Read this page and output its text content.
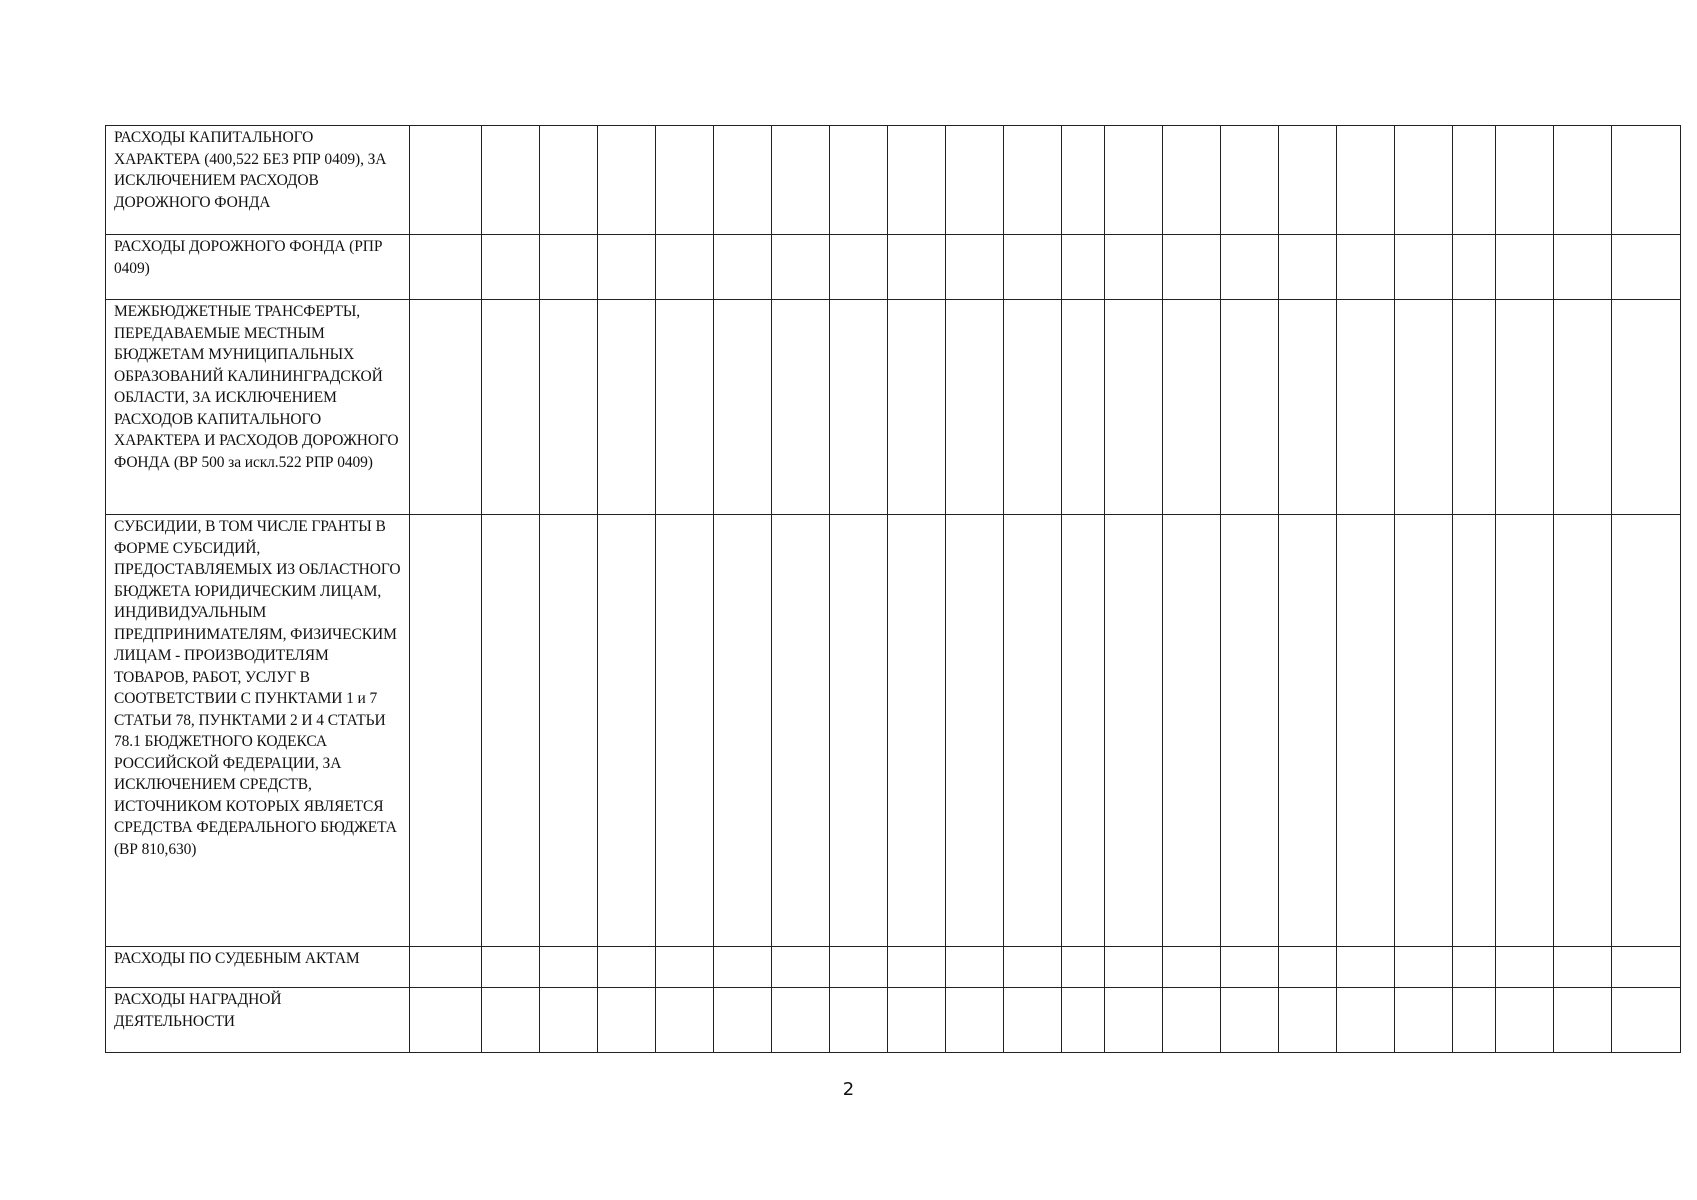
РАСХОДЫ КАПИТАЛЬНОГО ХАРАКТЕРА (400,522 БЕЗ РПР 0409), ЗА ИСКЛЮЧЕНИЕМ РАСХОДОВ ДОРОЖНОГО ФОНДА																						
РАСХОДЫ ДОРОЖНОГО ФОНДА (РПР 0409)																						
МЕЖБЮДЖЕТНЫЕ ТРАНСФЕРТЫ, ПЕРЕДАВАЕМЫЕ МЕСТНЫМ БЮДЖЕТАМ МУНИЦИПАЛЬНЫХ ОБРАЗОВАНИЙ КАЛИНИНГРАДСКОЙ ОБЛАСТИ, ЗА ИСКЛЮЧЕНИЕМ РАСХОДОВ КАПИТАЛЬНОГО ХАРАКТЕРА И РАСХОДОВ ДОРОЖНОГО ФОНДА (ВР 500 за искл.522 РПР 0409)																						
СУБСИДИИ, В ТОМ ЧИСЛЕ ГРАНТЫ В ФОРМЕ СУБСИДИЙ, ПРЕДОСТАВЛЯЕМЫХ ИЗ ОБЛАСТНОГО БЮДЖЕТА ЮРИДИЧЕСКИМ ЛИЦАМ, ИНДИВИДУАЛЬНЫМ ПРЕДПРИНИМАТЕЛЯМ, ФИЗИЧЕСКИМ ЛИЦАМ - ПРОИЗВОДИТЕЛЯМ ТОВАРОВ, РАБОТ, УСЛУГ В СООТВЕТСТВИИ С ПУНКТАМИ 1 и 7 СТАТЬИ 78, ПУНКТАМИ 2 И 4 СТАТЬИ 78.1 БЮДЖЕТНОГО КОДЕКСА РОССИЙСКОЙ ФЕДЕРАЦИИ, ЗА ИСКЛЮЧЕНИЕМ СРЕДСТВ, ИСТОЧНИКОМ КОТОРЫХ ЯВЛЯЕТСЯ СРЕДСТВА ФЕДЕРАЛЬНОГО БЮДЖЕТА (ВР 810,630)																						
РАСХОДЫ ПО СУДЕБНЫМ АКТАМ																						
РАСХОДЫ НАГРАДНОЙ ДЕЯТЕЛЬНОСТИ																						
2
